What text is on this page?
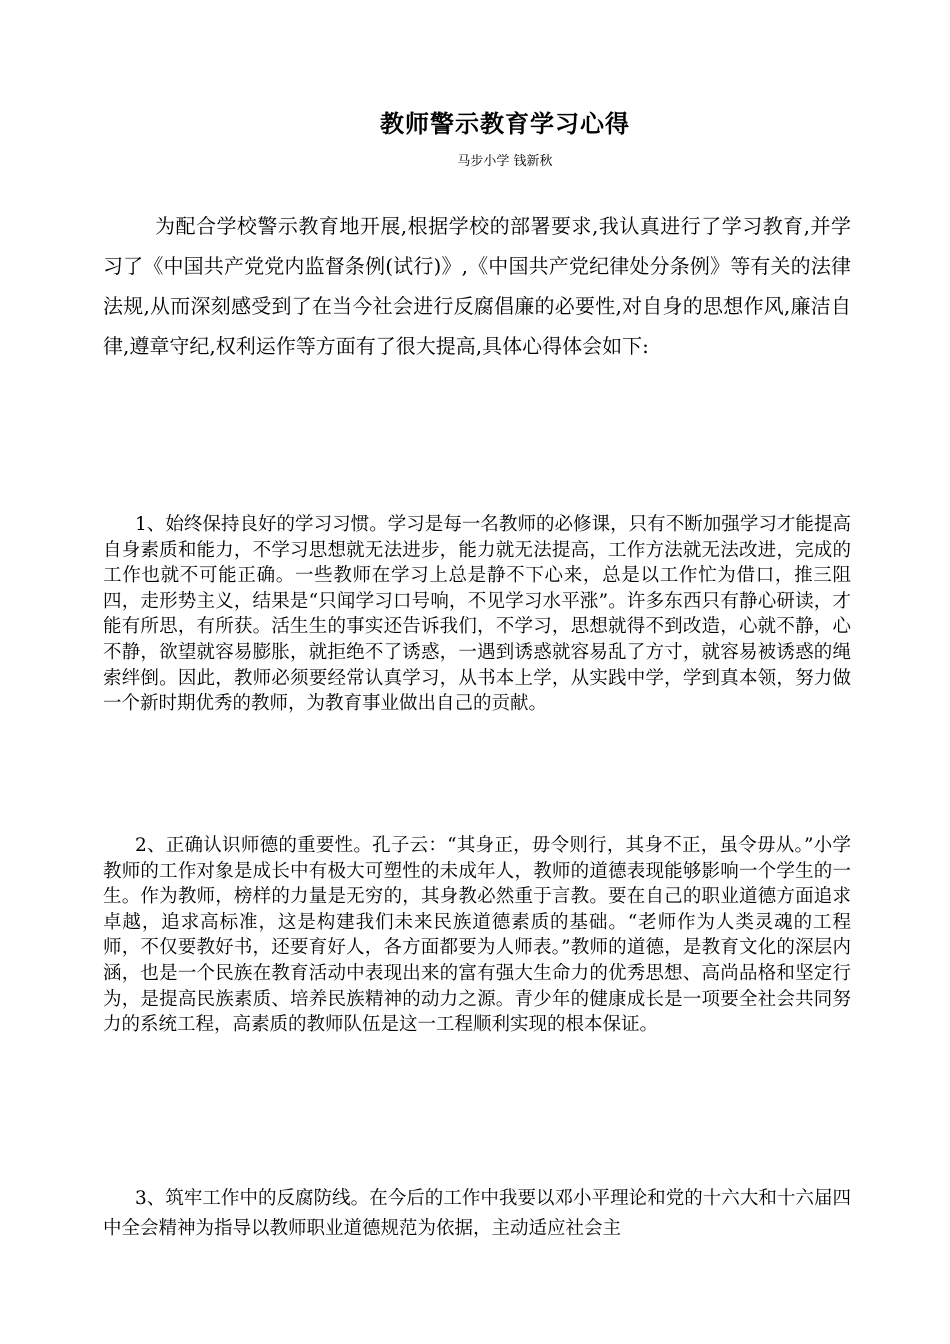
教师警示教育学习心得
马步小学 钱新秋

为配合学校警示教育地开展,根据学校的部署要求,我认真进行了学习教育,并学习了《中国共产党党内监督条例(试行)》,《中国共产党纪律处分条例》等有关的法律法规,从而深刻感受到了在当今社会进行反腐倡廉的必要性,对自身的思想作风,廉洁自律,遵章守纪,权利运作等方面有了很大提高,具体心得体会如下:

1、始终保持良好的学习习惯。学习是每一名教师的必修课，只有不断加强学习才能提高自身素质和能力，不学习思想就无法进步，能力就无法提高，工作方法就无法改进，完成的工作也就不可能正确。一些教师在学习上总是静不下心来，总是以工作忙为借口，推三阻四，走形势主义，结果是“只闻学习口号响，不见学习水平涨”。许多东西只有静心研读，才能有所思，有所获。活生生的事实还告诉我们，不学习，思想就得不到改造，心就不静，心不静，欲望就容易膨胀，就拒绝不了诱惑，一遇到诱惑就容易乱了方寸，就容易被诱惑的绳索绊倒。因此，教师必须要经常认真学习，从书本上学，从实践中学，学到真本领，努力做一个新时期优秀的教师，为教育事业做出自己的贡献。

2、正确认识师德的重要性。孔子云：“其身正，毋令则行，其身不正，虽令毋从。”小学教师的工作对象是成长中有极大可塑性的未成年人，教师的道德表现能够影响一个学生的一生。作为教师，榜样的力量是无穷的，其身教必然重于言教。要在自己的职业道德方面追求卓越，追求高标准，这是构建我们未来民族道德素质的基础。“老师作为人类灵魂的工程师，不仅要教好书，还要育好人，各方面都要为人师表。”教师的道德，是教育文化的深层内涵，也是一个民族在教育活动中表现出来的富有强大生命力的优秀思想、高尚品格和坚定行为，是提高民族素质、培养民族精神的动力之源。青少年的健康成长是一项要全社会共同努力的系统工程，高素质的教师队伍是这一工程顺利实现的根本保证。

3、筑牢工作中的反腐防线。在今后的工作中我要以邓小平理论和党的十六大和十六届四中全会精神为指导以教师职业道德规范为依据，主动适应社会主
